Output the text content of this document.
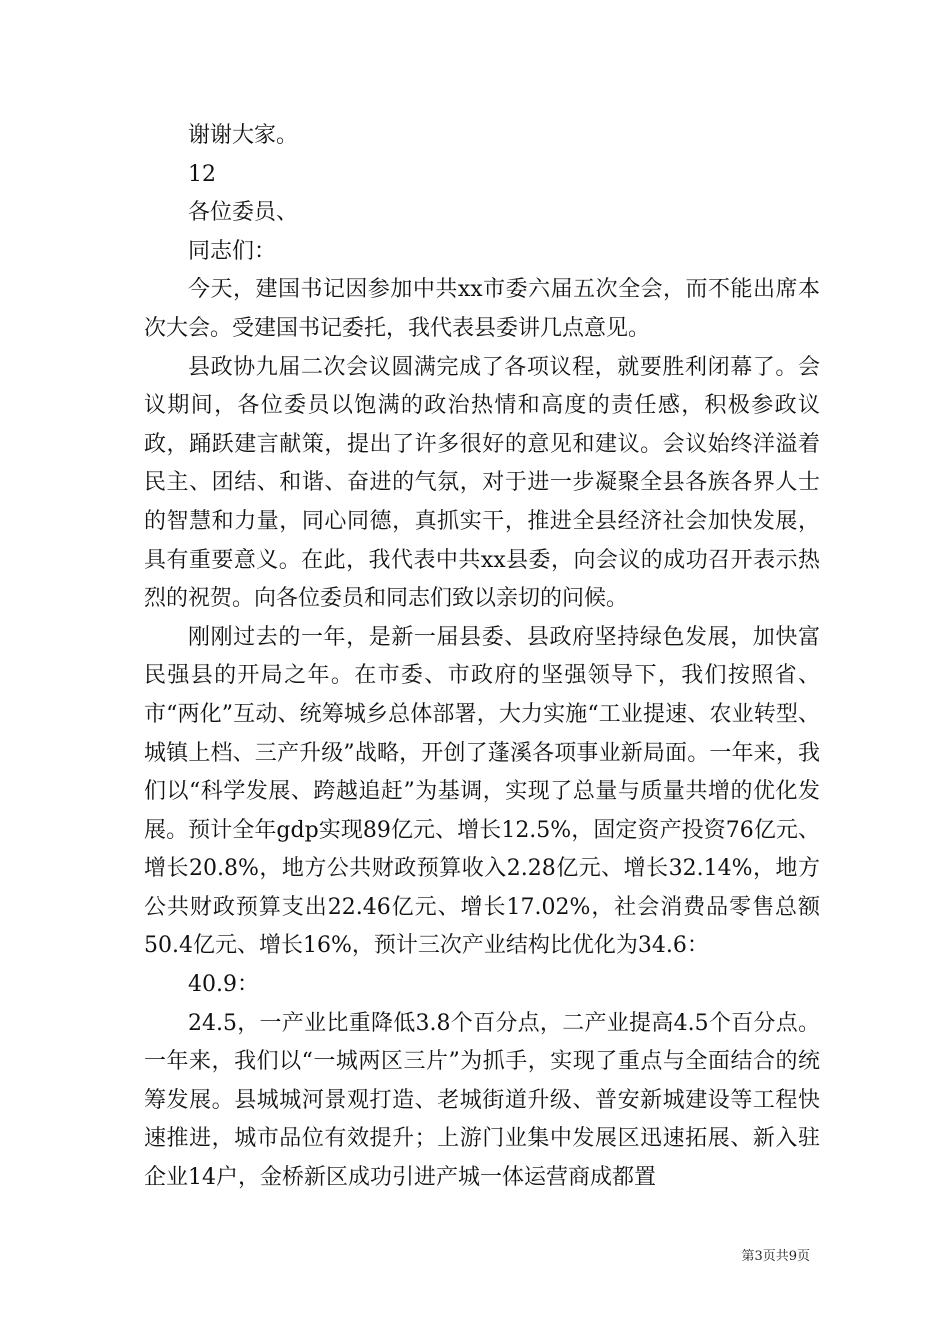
谢谢大家。

12

各位委员、

同志们：

今天，建国书记因参加中共xx市委六届五次全会，而不能出席本次大会。受建国书记委托，我代表县委讲几点意见。

县政协九届二次会议圆满完成了各项议程，就要胜利闭幕了。会议期间，各位委员以饱满的政治热情和高度的责任感，积极参政议政，踊跃建言献策，提出了许多很好的意见和建议。会议始终洋溢着民主、团结、和谐、奋进的气氛，对于进一步凝聚全县各族各界人士的智慧和力量，同心同德，真抓实干，推进全县经济社会加快发展，具有重要意义。在此，我代表中共xx县委，向会议的成功召开表示热烈的祝贺。向各位委员和同志们致以亲切的问候。

刚刚过去的一年，是新一届县委、县政府坚持绿色发展，加快富民强县的开局之年。在市委、市政府的坚强领导下，我们按照省、市“两化”互动、统筹城乡总体部署，大力实施“工业提速、农业转型、城镇上档、三产升级”战略，开创了蓬溪各项事业新局面。一年来，我们以“科学发展、跨越追赶”为基调，实现了总量与质量共增的优化发展。预计全年gdp实现89亿元、增长12.5%，固定资产投资76亿元、增长20.8%，地方公共财政预算收入2.28亿元、增长32.14%，地方公共财政预算支出22.46亿元、增长17.02%，社会消费品零售总额50.4亿元、增长16%，预计三次产业结构比优化为34.6：

40.9：

24.5，一产业比重降低3.8个百分点，二产业提高4.5个百分点。一年来，我们以“一城两区三片”为抓手，实现了重点与全面结合的统筹发展。县城城河景观打造、老城街道升级、普安新城建设等工程快速推进，城市品位有效提升；上游门业集中发展区迅速拓展、新入驻企业14户，金桥新区成功引进产城一体运营商成都置

第3页共9页
